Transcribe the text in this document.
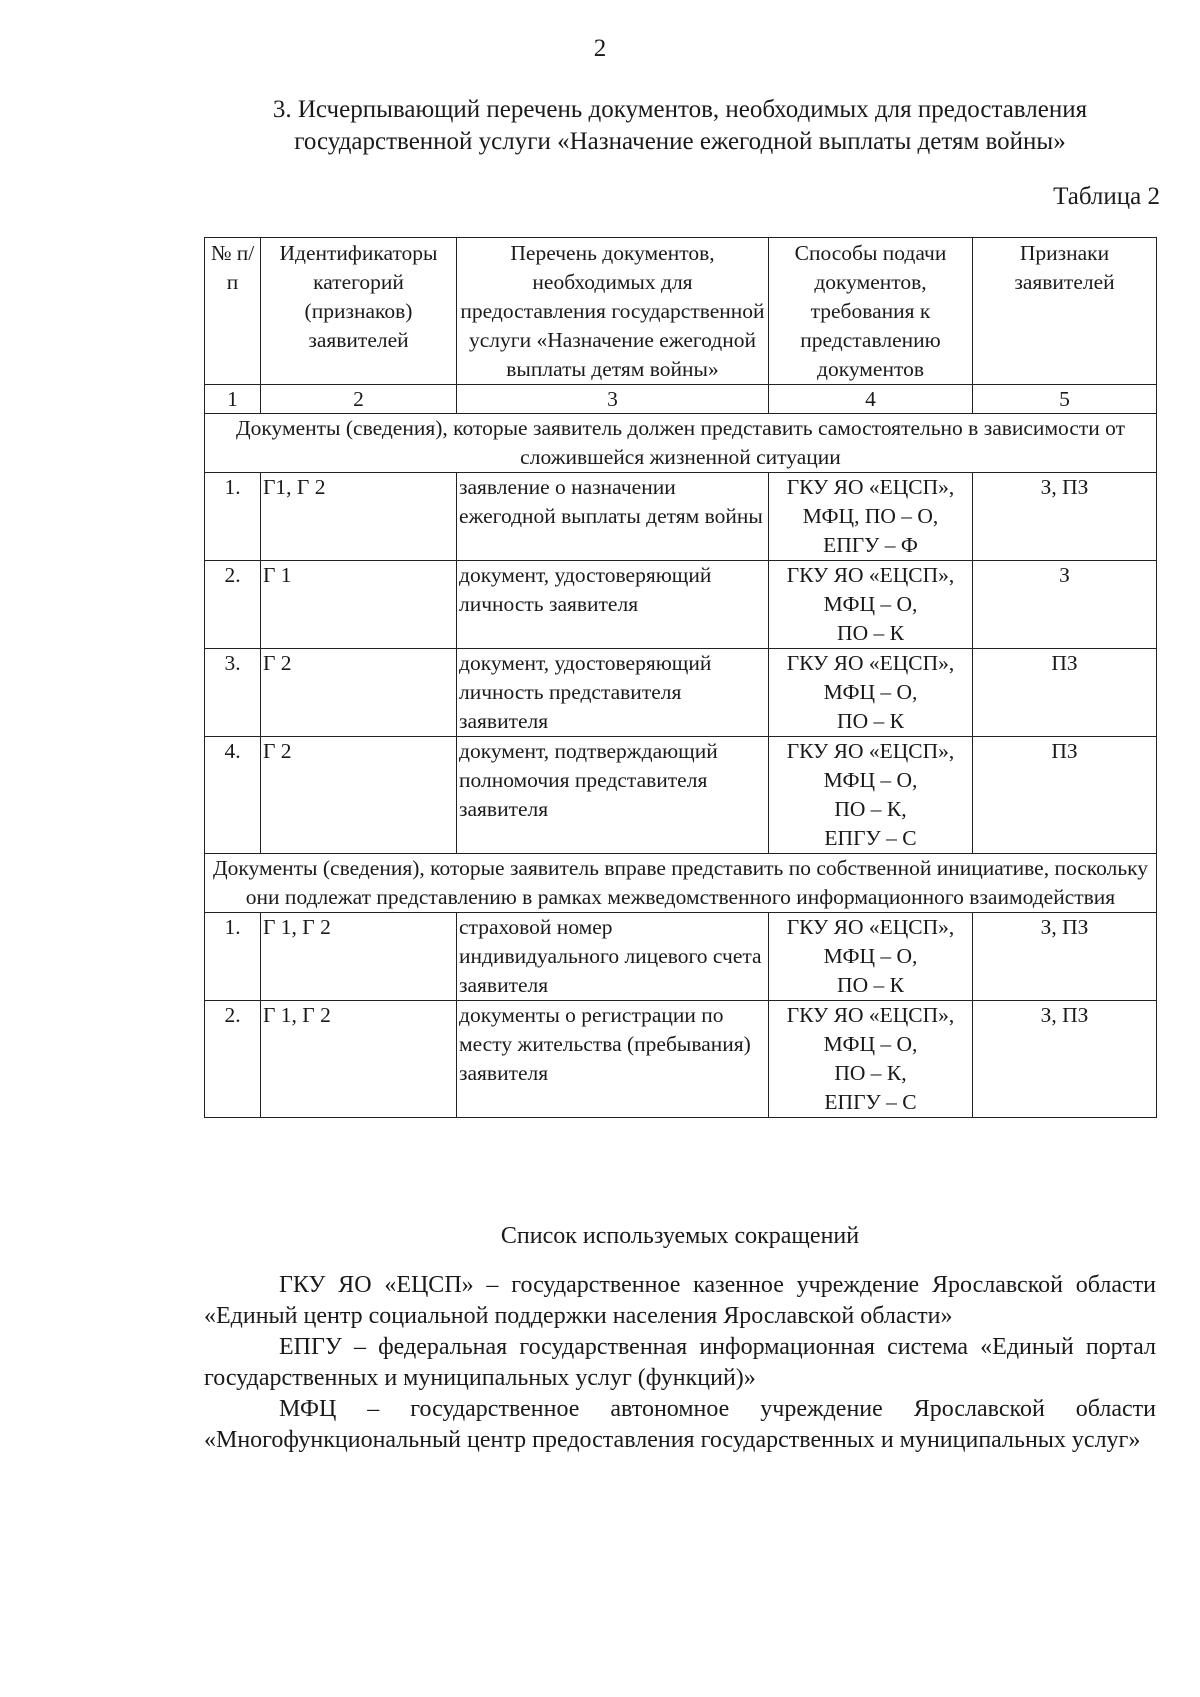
2
3. Исчерпывающий перечень документов, необходимых для предоставления
государственной услуги «Назначение ежегодной выплаты детям войны»
Таблица 2
№ п/п	Идентификаторы категорий (признаков) заявителей	Перечень документов, необходимых для предоставления государственной услуги «Назначение ежегодной выплаты детям войны»	Способы подачи документов, требования к представлению документов	Признаки заявителей
1	2	3	4	5
Документы (сведения), которые заявитель должен представить самостоятельно в зависимости от сложившейся жизненной ситуации				
1.	Г1, Г 2	заявление о назначении ежегодной выплаты детям войны	ГКУ ЯО «ЕЦСП»,
МФЦ, ПО – О,
ЕПГУ – Ф	З, ПЗ
2.	Г 1	документ, удостоверяющий личность заявителя	ГКУ ЯО «ЕЦСП»,
МФЦ – О,
ПО – К	З
3.	Г 2	документ, удостоверяющий личность представителя заявителя	ГКУ ЯО «ЕЦСП»,
МФЦ – О,
ПО – К	ПЗ
4.	Г 2	документ, подтверждающий полномочия представителя заявителя	ГКУ ЯО «ЕЦСП»,
МФЦ – О,
ПО – К,
ЕПГУ – С	ПЗ
Документы (сведения), которые заявитель вправе представить по собственной инициативе, поскольку они подлежат представлению в рамках межведомственного информационного взаимодействия				
1.	Г 1, Г 2	страховой номер индивидуального лицевого счета заявителя	ГКУ ЯО «ЕЦСП»,
МФЦ – О,
ПО – К	З, ПЗ
2.	Г 1, Г 2	документы о регистрации по месту жительства (пребывания) заявителя	ГКУ ЯО «ЕЦСП»,
МФЦ – О,
ПО – К,
ЕПГУ – С	З, ПЗ
Список используемых сокращений

ГКУ ЯО «ЕЦСП» – государственное казенное учреждение Ярославской области «Единый центр социальной поддержки населения Ярославской области»

ЕПГУ – федеральная государственная информационная система «Единый портал государственных и муниципальных услуг (функций)»

МФЦ – государственное автономное учреждение Ярославской области «Многофункциональный центр предоставления государственных и муниципальных услуг»
